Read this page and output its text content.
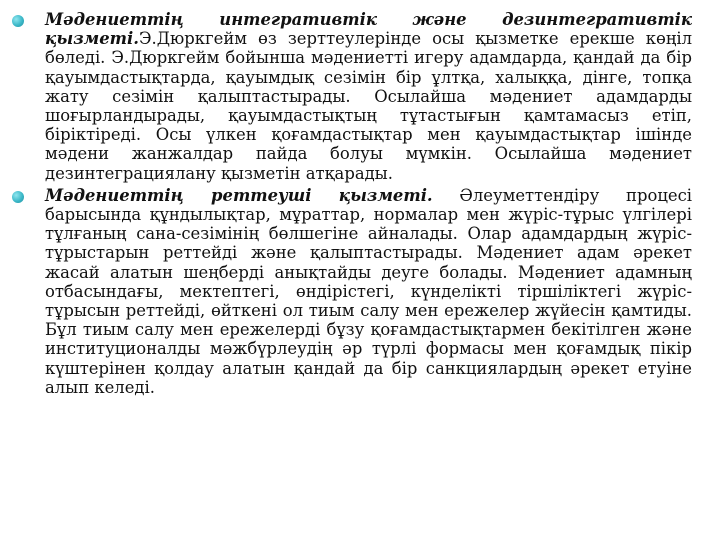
Мәдениеттің интегративтік және дезинтегративтік қызметі.Э.Дюркгейм өз зерттеулерінде осы қызметке ерекше көңіл бөледі. Э.Дюркгейм бойынша мәдениетті игеру адамдарда, қандай да бір қауымдастықтарда, қауымдық сезімін бір ұлтқа, халыққа, дінге, топқа жату сезімін қалыптастырады. Осылайша мәдениет адамдарды шоғырландырады, қауымдастықтың тұтастығын қамтамасыз етіп, біріктіреді. Осы үлкен қоғамдастықтар мен қауымдастықтар ішінде мәдени жанжалдар пайда болуы мүмкін. Осылайша мәдениет дезинтеграциялану қызметін атқарады.
Мәдениеттің реттеуші қызметі. Әлеуметтендіру процесі барысында құндылықтар, мұраттар, нормалар мен жүріс-тұрыс үлгілері тұлғаның сана-сезімінің бөлшегіне айналады. Олар адамдардың жүріс-тұрыстарын реттейді және қалыптастырады. Мәдениет адам әрекет жасай алатын шеңберді анықтайды деуге болады. Мәдениет адамның отбасындағы, мектептегі, өндірістегі, күнделікті тіршіліктегі жүріс-тұрысын реттейді, өйткені ол тиым салу мен ережелер жүйесін қамтиды. Бұл тиым салу мен ережелерді бұзу қоғамдастықтармен бекітілген және институционалды мәжбүрлеудің әр түрлі формасы мен қоғамдық пікір күштерінен қолдау алатын қандай да бір санкциялардың әрекет етуіне алып келеді.
